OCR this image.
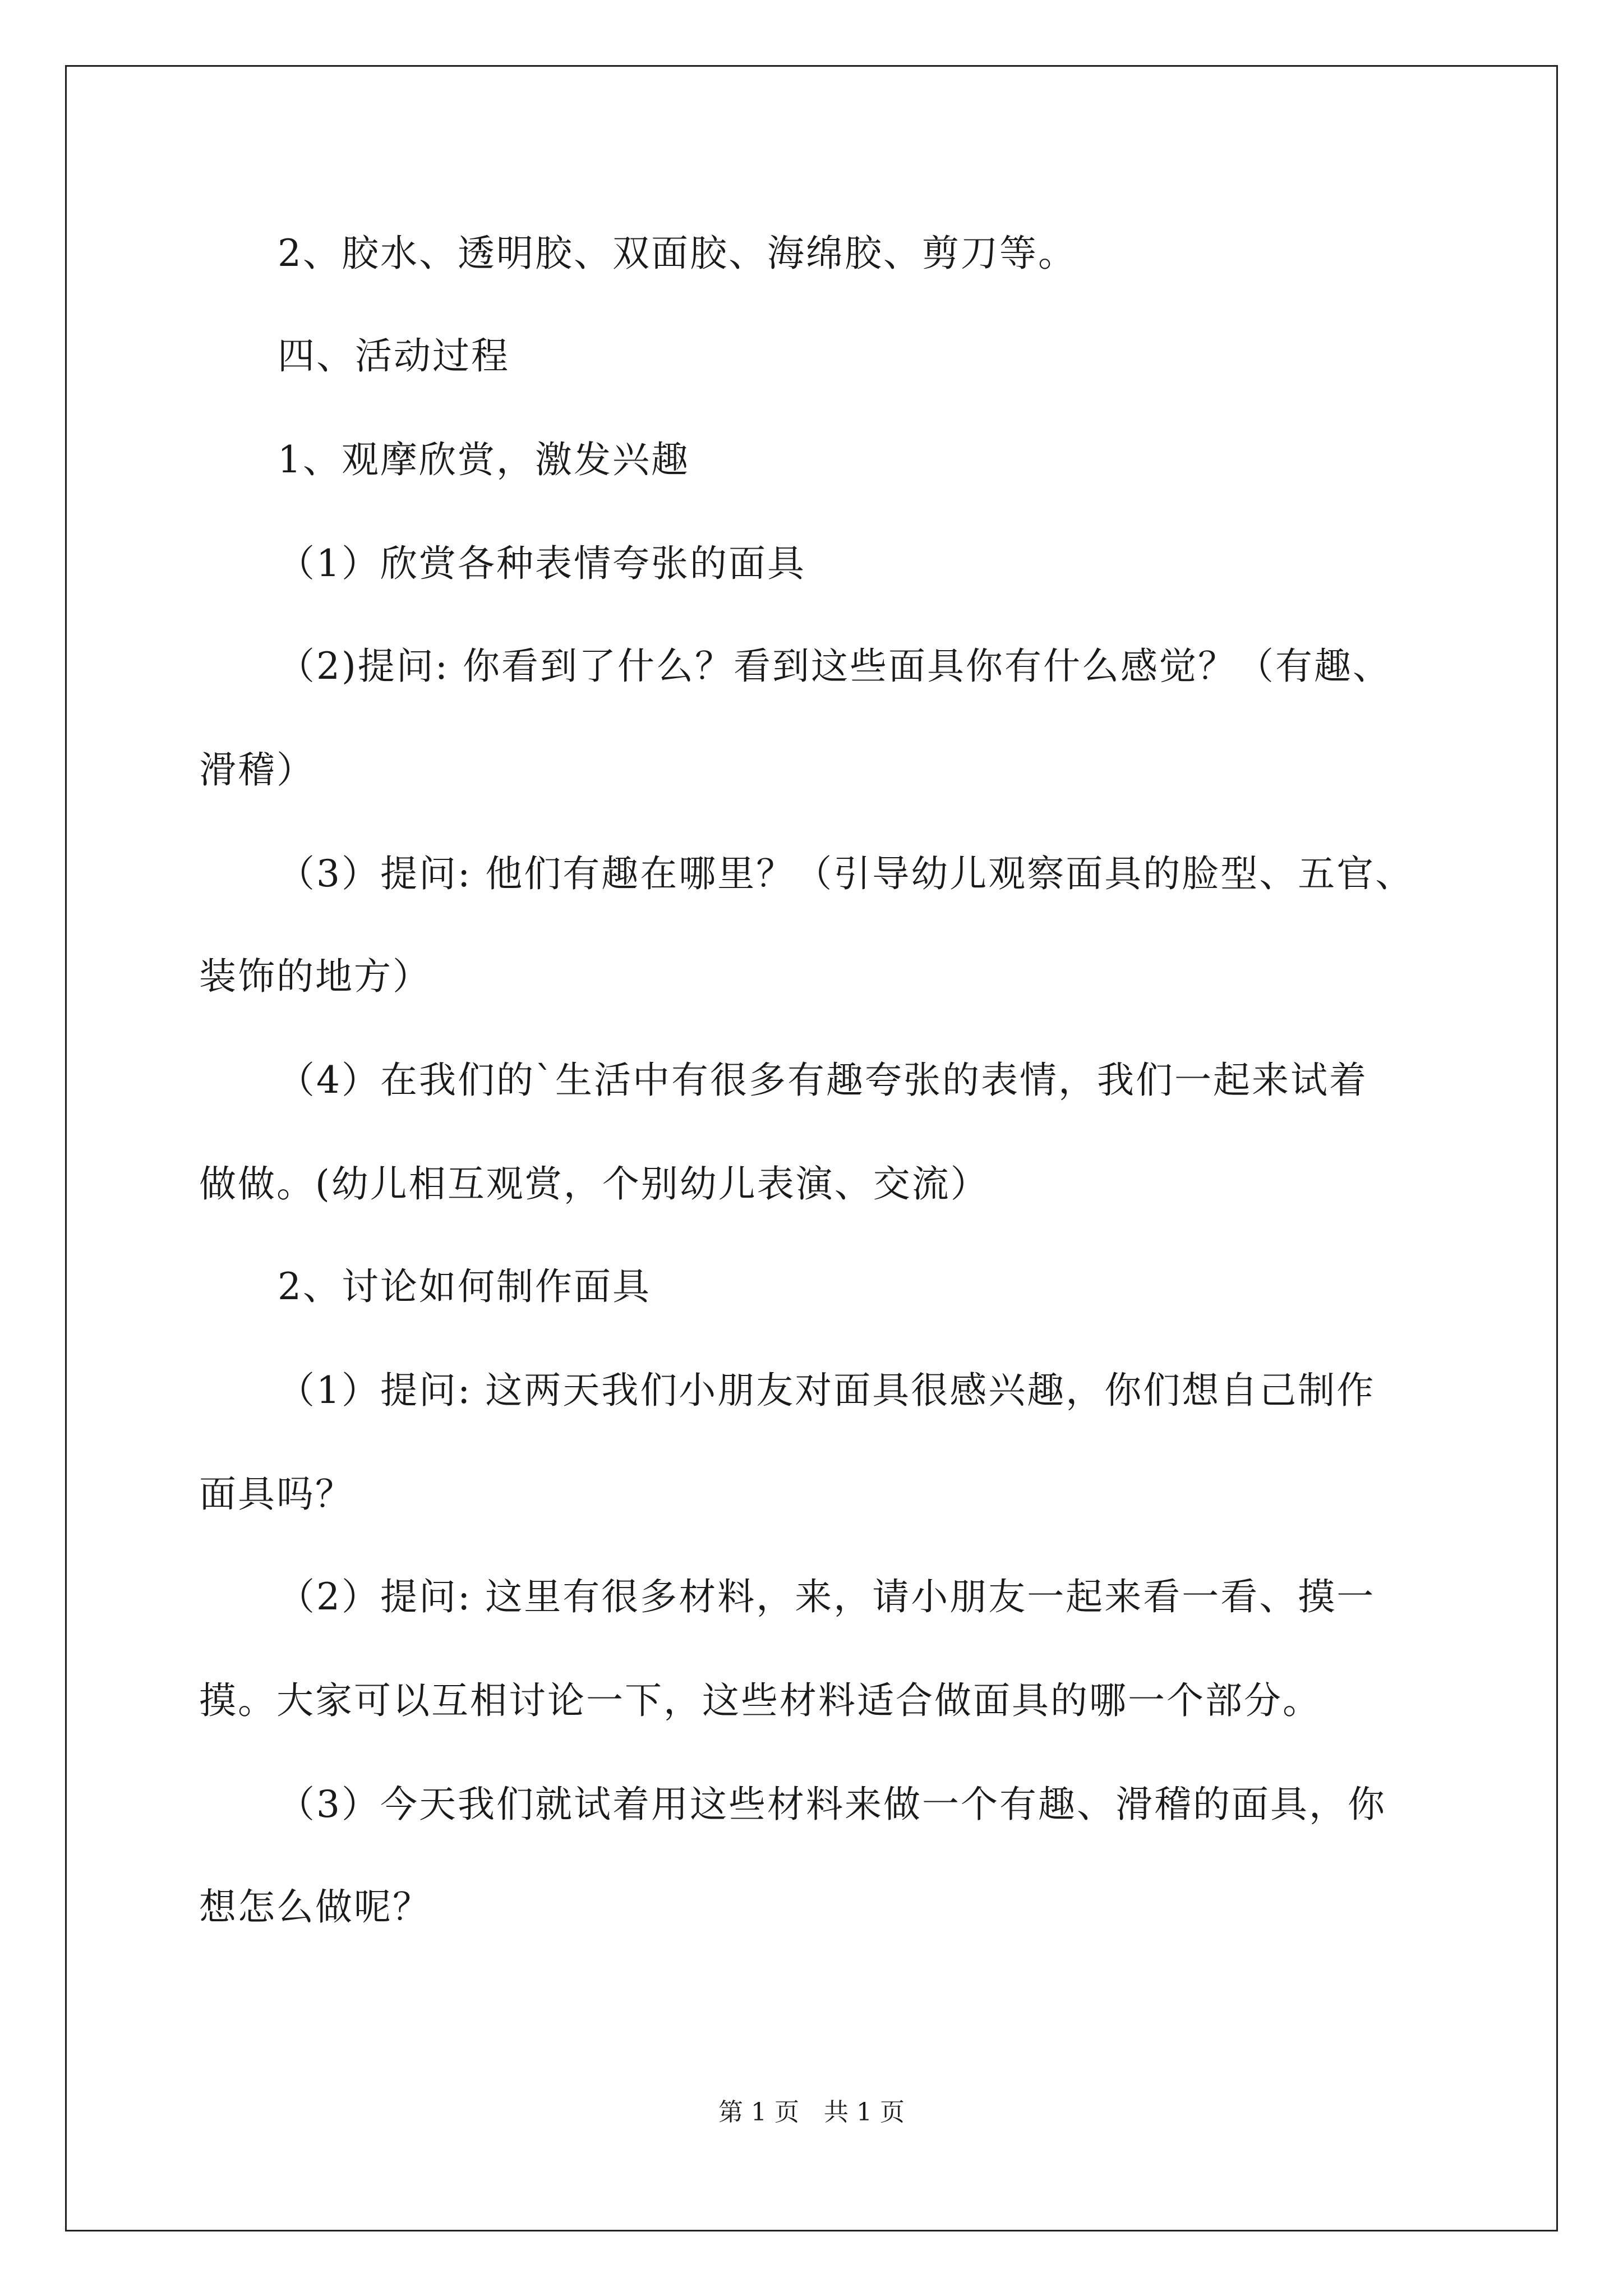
2、胶水、透明胶、双面胶、海绵胶、剪刀等。
四、活动过程
1、观摩欣赏，激发兴趣
（1）欣赏各种表情夸张的面具
（2)提问: 你看到了什么？看到这些面具你有什么感觉？（有趣、
滑稽）
（3）提问: 他们有趣在哪里？（引导幼儿观察面具的脸型、五官、
装饰的地方）
（4）在我们的`生活中有很多有趣夸张的表情，我们一起来试着
做做。(幼儿相互观赏，个别幼儿表演、交流）
2、讨论如何制作面具
（1）提问: 这两天我们小朋友对面具很感兴趣，你们想自己制作
面具吗？
（2）提问: 这里有很多材料，来，请小朋友一起来看一看、摸一
摸。大家可以互相讨论一下，这些材料适合做面具的哪一个部分。
（3）今天我们就试着用这些材料来做一个有趣、滑稽的面具，你
想怎么做呢？
第 1 页　共 1 页
